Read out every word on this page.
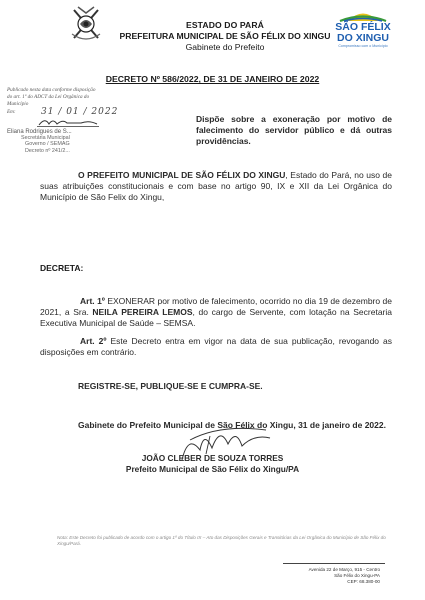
ESTADO DO PARÁ
PREFEITURA MUNICIPAL DE SÃO FÉLIX DO XINGU
Gabinete do Prefeito
SÃO FÉLIX
DO XINGU
Compromisso com o Município
DECRETO Nº 586/2022, DE 31 DE JANEIRO DE 2022
Publicado nesta data conforme disposição
do art. 1º do ADCT da Lei Orgânica do
Município
Em:	31 / 01 / 2022
Eliana Rodrigues de S...
Secretária Municipal
Governo / SEMAG
Decreto nº 241/2...
Dispõe sobre a exoneração por motivo de falecimento do servidor público e dá outras providências.
O PREFEITO MUNICIPAL DE SÃO FÉLIX DO XINGU, Estado do Pará, no uso de suas atribuições constitucionais e com base no artigo 90, IX e XII da Lei Orgânica do Município de São Felix do Xingu,
DECRETA:
Art. 1º EXONERAR por motivo de falecimento, ocorrido no dia 19 de dezembro de 2021, a Sra. NEILA PEREIRA LEMOS, do cargo de Servente, com lotação na Secretaria Executiva Municipal de Saúde – SEMSA.
Art. 2º Este Decreto entra em vigor na data de sua publicação, revogando as disposições em contrário.
REGISTRE-SE, PUBLIQUE-SE E CUMPRA-SE.
Gabinete do Prefeito Municipal de São Félix do Xingu, 31 de janeiro de 2022.
JOÃO CLEBER DE SOUZA TORRES
Prefeito Municipal de São Félix do Xingu/PA
Nota: Este Decreto foi publicado de acordo com o artigo 1º do Título IX – Ato das Disposições Gerais e Transitórias da Lei Orgânica do Município de São Félix do Xingu/Pará.
Avenida 22 de Março, 915 - Centro
São Félix do Xingu-PA
CEP: 68.380-00
